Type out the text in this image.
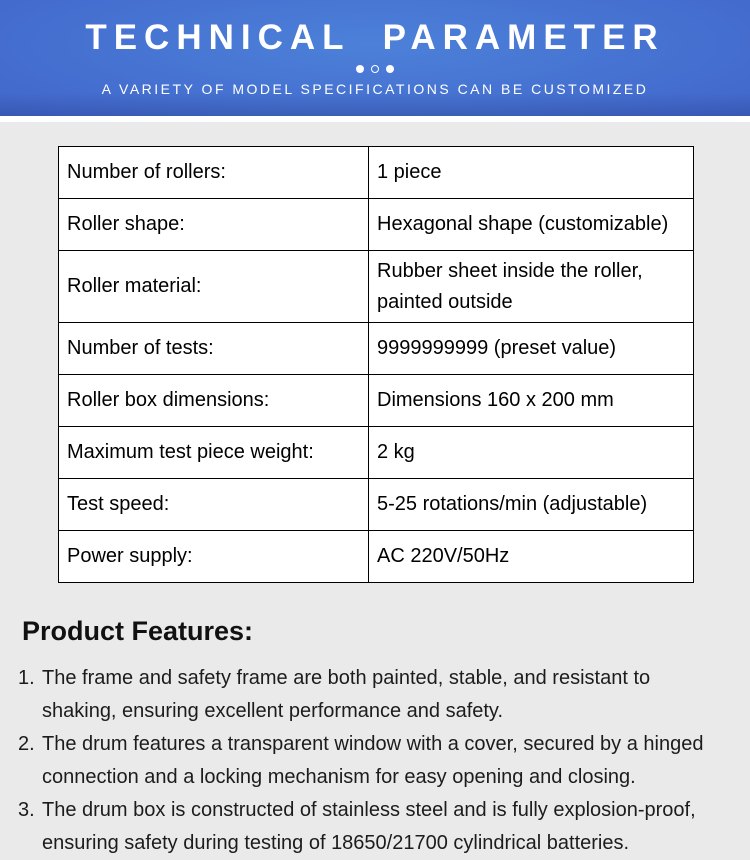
TECHNICAL PARAMETER
A VARIETY OF MODEL SPECIFICATIONS CAN BE CUSTOMIZED
Number of rollers:	1 piece
Roller shape:	Hexagonal shape (customizable)
Roller material:	Rubber sheet inside the roller, painted outside
Number of tests:	9999999999 (preset value)
Roller box dimensions:	Dimensions 160 x 200 mm
Maximum test piece weight:	2 kg
Test speed:	5-25 rotations/min (adjustable)
Power supply:	AC 220V/50Hz
Product Features:
1. The frame and safety frame are both painted, stable, and resistant to
shaking, ensuring excellent performance and safety.
2. The drum features a transparent window with a cover, secured by a hinged
connection and a locking mechanism for easy opening and closing.
3. The drum box is constructed of stainless steel and is fully explosion-proof,
ensuring safety during testing of 18650/21700 cylindrical batteries.
